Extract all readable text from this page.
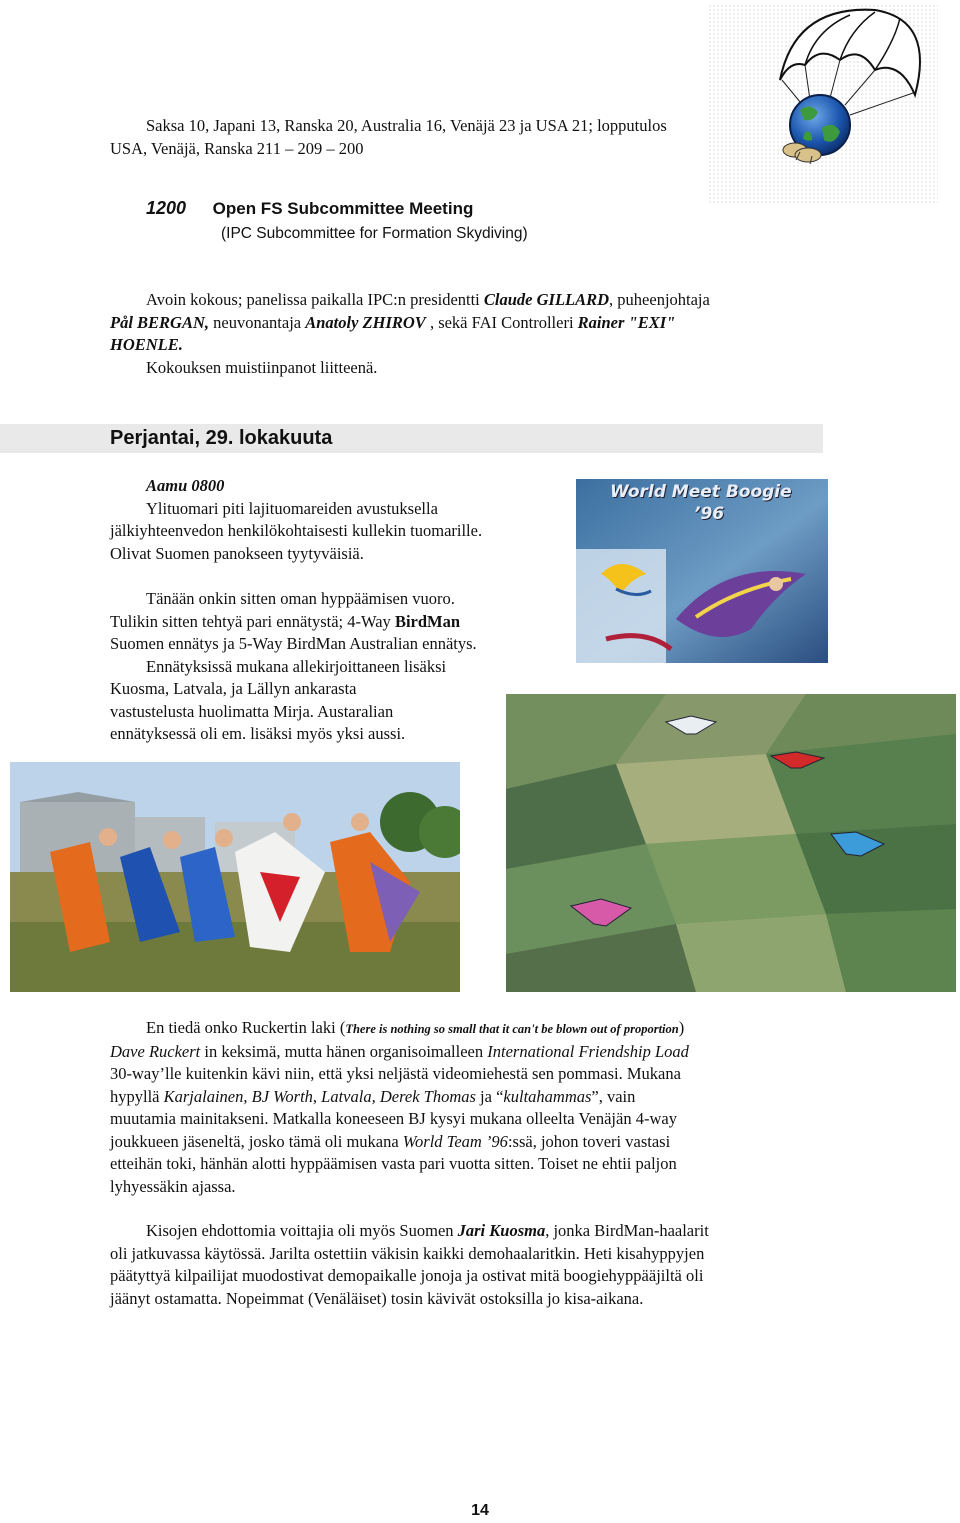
Saksa 10, Japani 13, Ranska 20, Australia 16, Venäjä 23 ja USA 21; lopputulos
USA, Venäjä, Ranska 211 – 209 – 200
1200 Open FS Subcommittee Meeting
(IPC Subcommittee for Formation Skydiving)
Avoin kokous; panelissa paikalla IPC:n presidentti Claude GILLARD, puheenjohtaja
Pål BERGAN, neuvonantaja Anatoly ZHIROV , sekä FAI Controlleri Rainer "EXI"
HOENLE.
Kokouksen muistiinpanot liitteenä.
Perjantai, 29. lokakuuta
Aamu 0800
Ylituomari piti lajituomareiden avustuksella
jälkiyhteenvedon henkilökohtaisesti kullekin tuomarille.
Olivat Suomen panokseen tyytyväisiä.
Tänään onkin sitten oman hyppäämisen vuoro.
Tulikin sitten tehtyä pari ennätystä; 4-Way BirdMan
Suomen ennätys ja 5-Way BirdMan Australian ennätys.
Ennätyksissä mukana allekirjoittaneen lisäksi
Kuosma, Latvala, ja Lällyn ankarasta
vastustelusta huolimatta Mirja. Austaralian
ennätyksessä oli em. lisäksi myös yksi aussi.
World Meet Boogie
’96
En tiedä onko Ruckertin laki (There is nothing so small that it can't be blown out of proportion)
Dave Ruckert in keksimä, mutta hänen organisoimalleen International Friendship Load
30-way’lle kuitenkin kävi niin, että yksi neljästä videomiehestä sen pommasi. Mukana
hypyllä Karjalainen, BJ Worth, Latvala, Derek Thomas ja “kultahammas”, vain
muutamia mainitakseni. Matkalla koneeseen BJ kysyi mukana olleelta Venäjän 4-way
joukkueen jäseneltä, josko tämä oli mukana World Team ’96:ssä, johon toveri vastasi
etteihän toki, hänhän alotti hyppäämisen vasta pari vuotta sitten. Toiset ne ehtii paljon
lyhyessäkin ajassa.
Kisojen ehdottomia voittajia oli myös Suomen Jari Kuosma, jonka BirdMan-haalarit
oli jatkuvassa käytössä. Jarilta ostettiin väkisin kaikki demohaalaritkin. Heti kisahyppyjen
päätyttyä kilpailijat muodostivat demopaikalle jonoja ja ostivat mitä boogiehyppääjiltä oli
jäänyt ostamatta. Nopeimmat (Venäläiset) tosin kävivät ostoksilla jo kisa-aikana.
14
